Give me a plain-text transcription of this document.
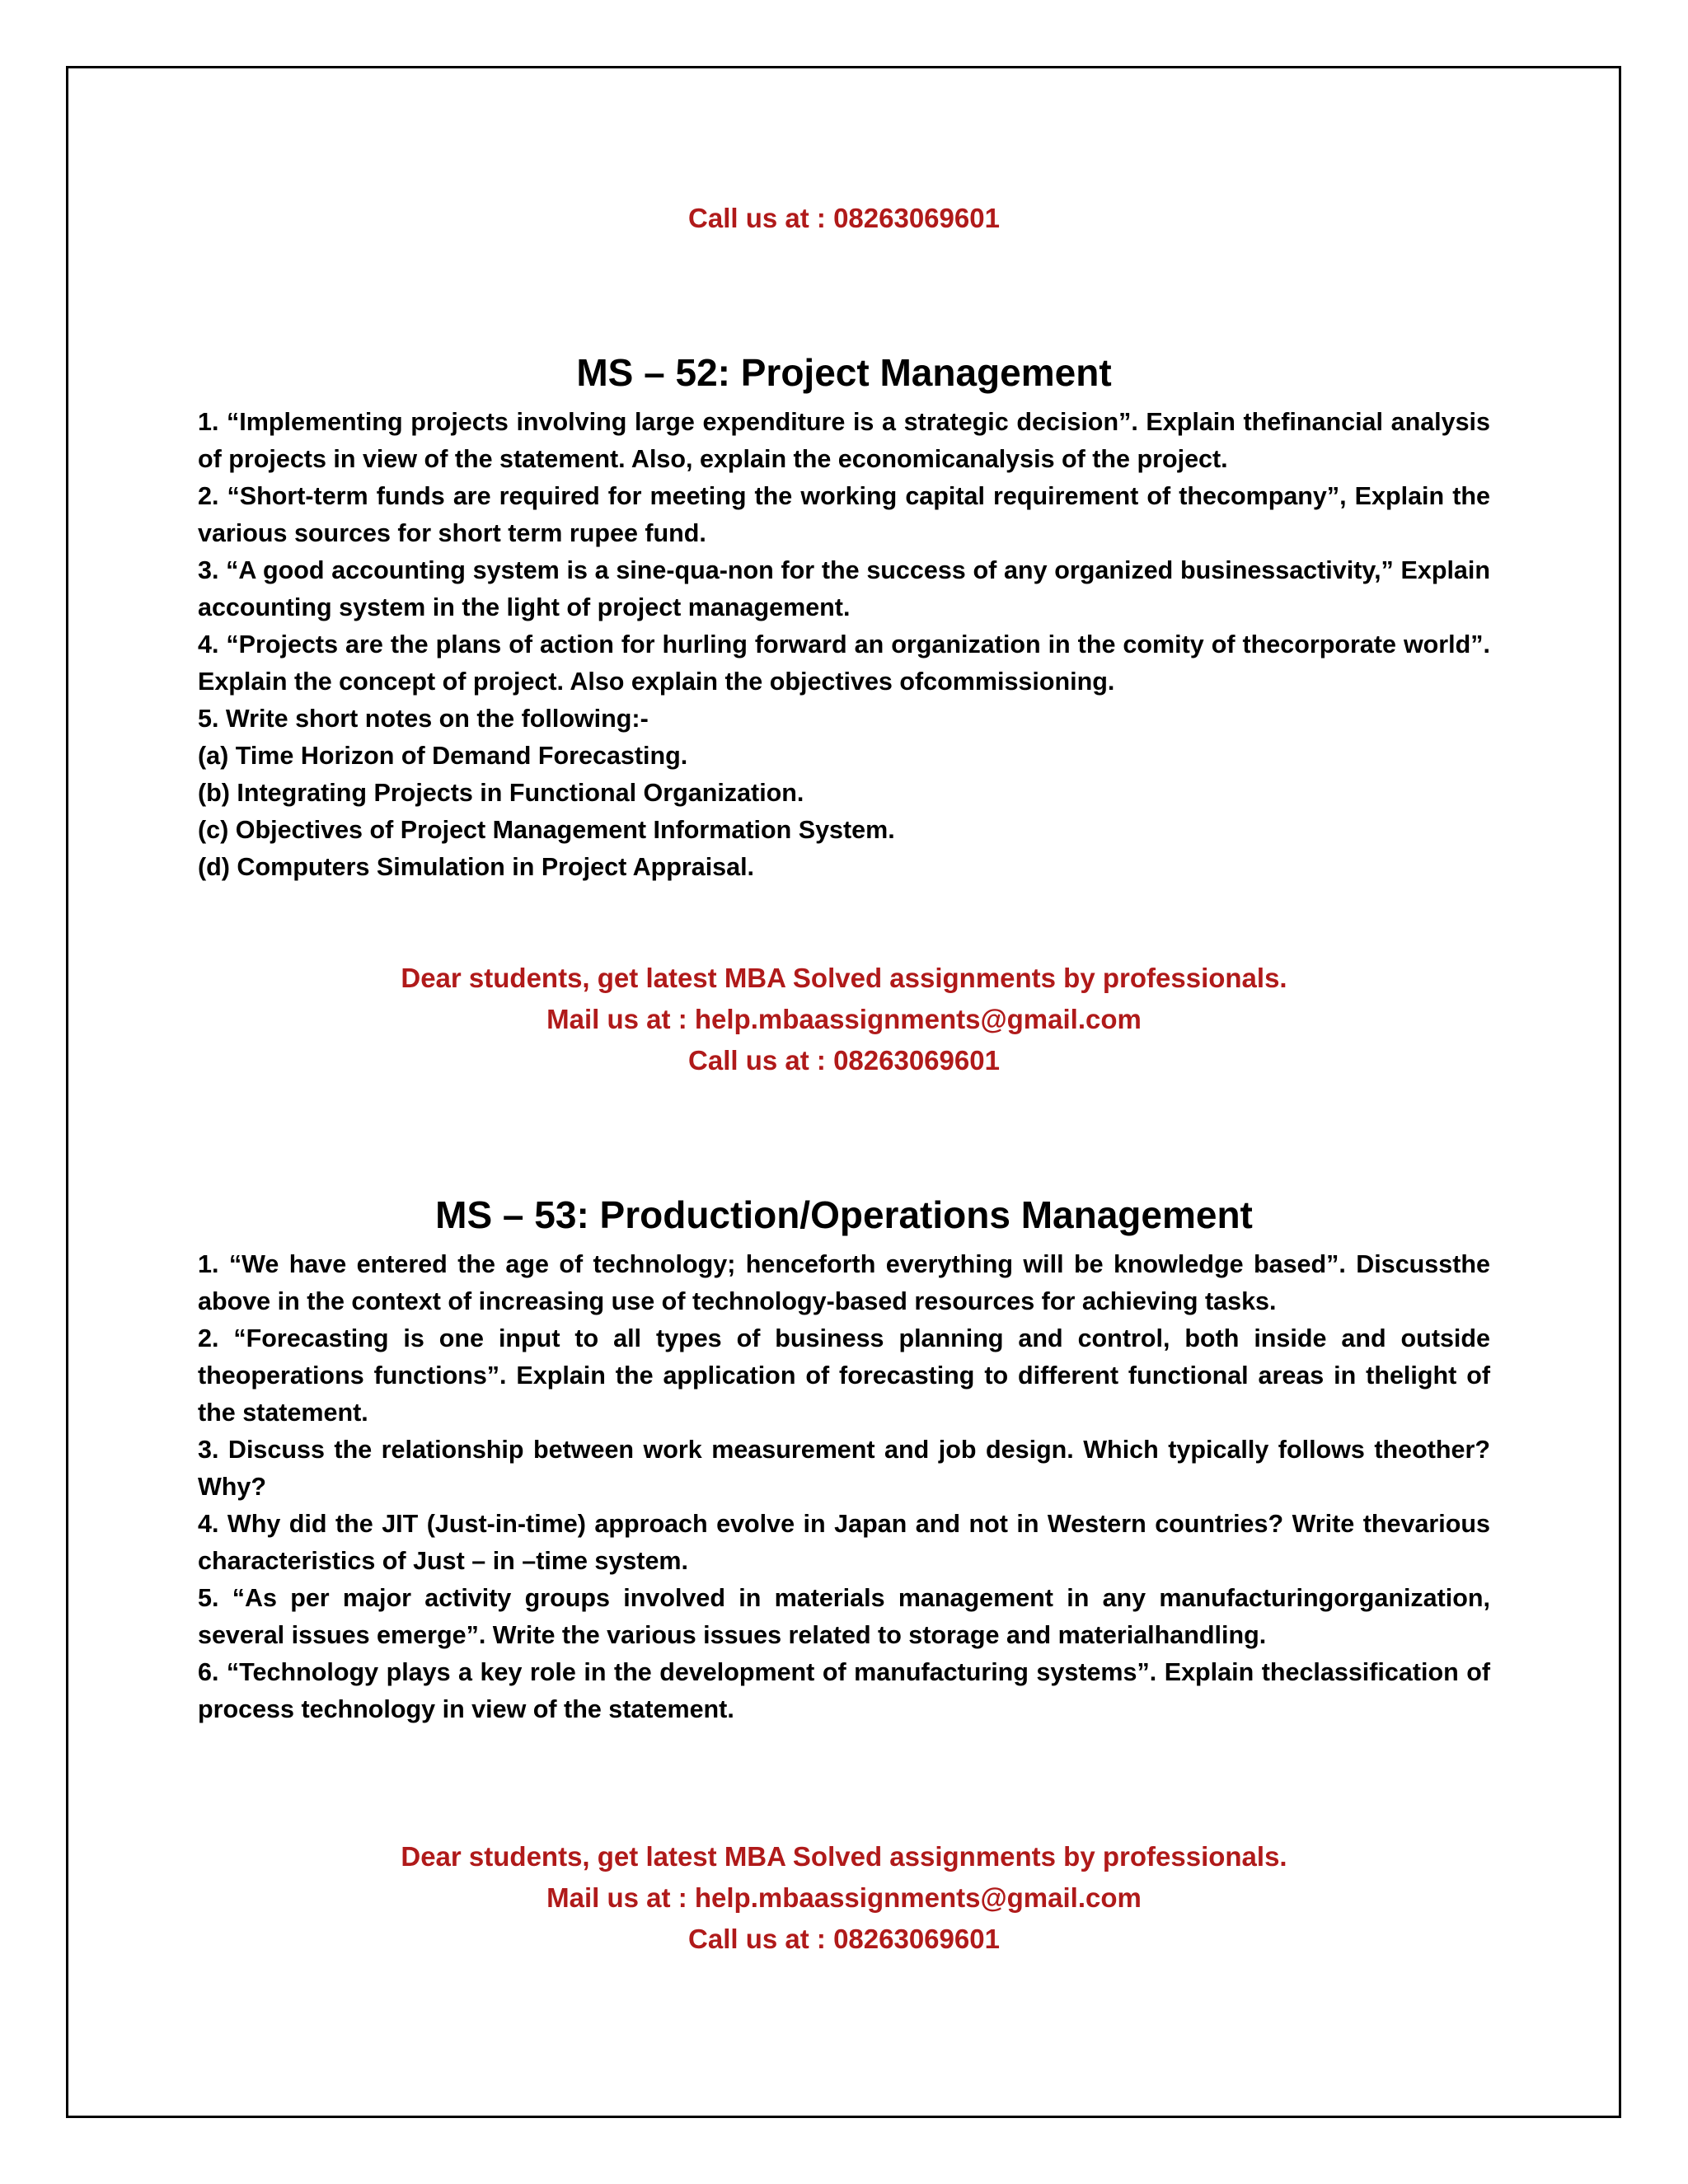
Call us at : 08263069601
MS – 52: Project Management

1. “Implementing projects involving large expenditure is a strategic decision”. Explain thefinancial analysis of projects in view of the statement. Also, explain the economicanalysis of the project.

2. “Short-term funds are required for meeting the working capital requirement of thecompany”, Explain the various sources for short term rupee fund.

3. “A good accounting system is a sine-qua-non for the success of any organized businessactivity,” Explain accounting system in the light of project management.

4. “Projects are the plans of action for hurling forward an organization in the comity of thecorporate world”. Explain the concept of project. Also explain the objectives ofcommissioning.

5. Write short notes on the following:-

(a) Time Horizon of Demand Forecasting.

(b) Integrating Projects in Functional Organization.

(c) Objectives of Project Management Information System.

(d) Computers Simulation in Project Appraisal.

Dear students, get latest MBA Solved assignments by professionals.
Mail us at : help.mbaassignments@gmail.com
Call us at : 08263069601
MS – 53: Production/Operations Management

1. “We have entered the age of technology; henceforth everything will be knowledge based”. Discussthe above in the context of increasing use of technology-based resources for achieving tasks.

2. “Forecasting is one input to all types of business planning and control, both inside and outside theoperations functions”. Explain the application of forecasting to different functional areas in thelight of the statement.

3. Discuss the relationship between work measurement and job design. Which typically follows theother? Why?

4. Why did the JIT (Just-in-time) approach evolve in Japan and not in Western countries? Write thevarious characteristics of Just – in –time system.

5. “As per major activity groups involved in materials management in any manufacturingorganization, several issues emerge”. Write the various issues related to storage and materialhandling.

6. “Technology plays a key role in the development of manufacturing systems”. Explain theclassification of process technology in view of the statement.

Dear students, get latest MBA Solved assignments by professionals.
Mail us at : help.mbaassignments@gmail.com
Call us at : 08263069601
